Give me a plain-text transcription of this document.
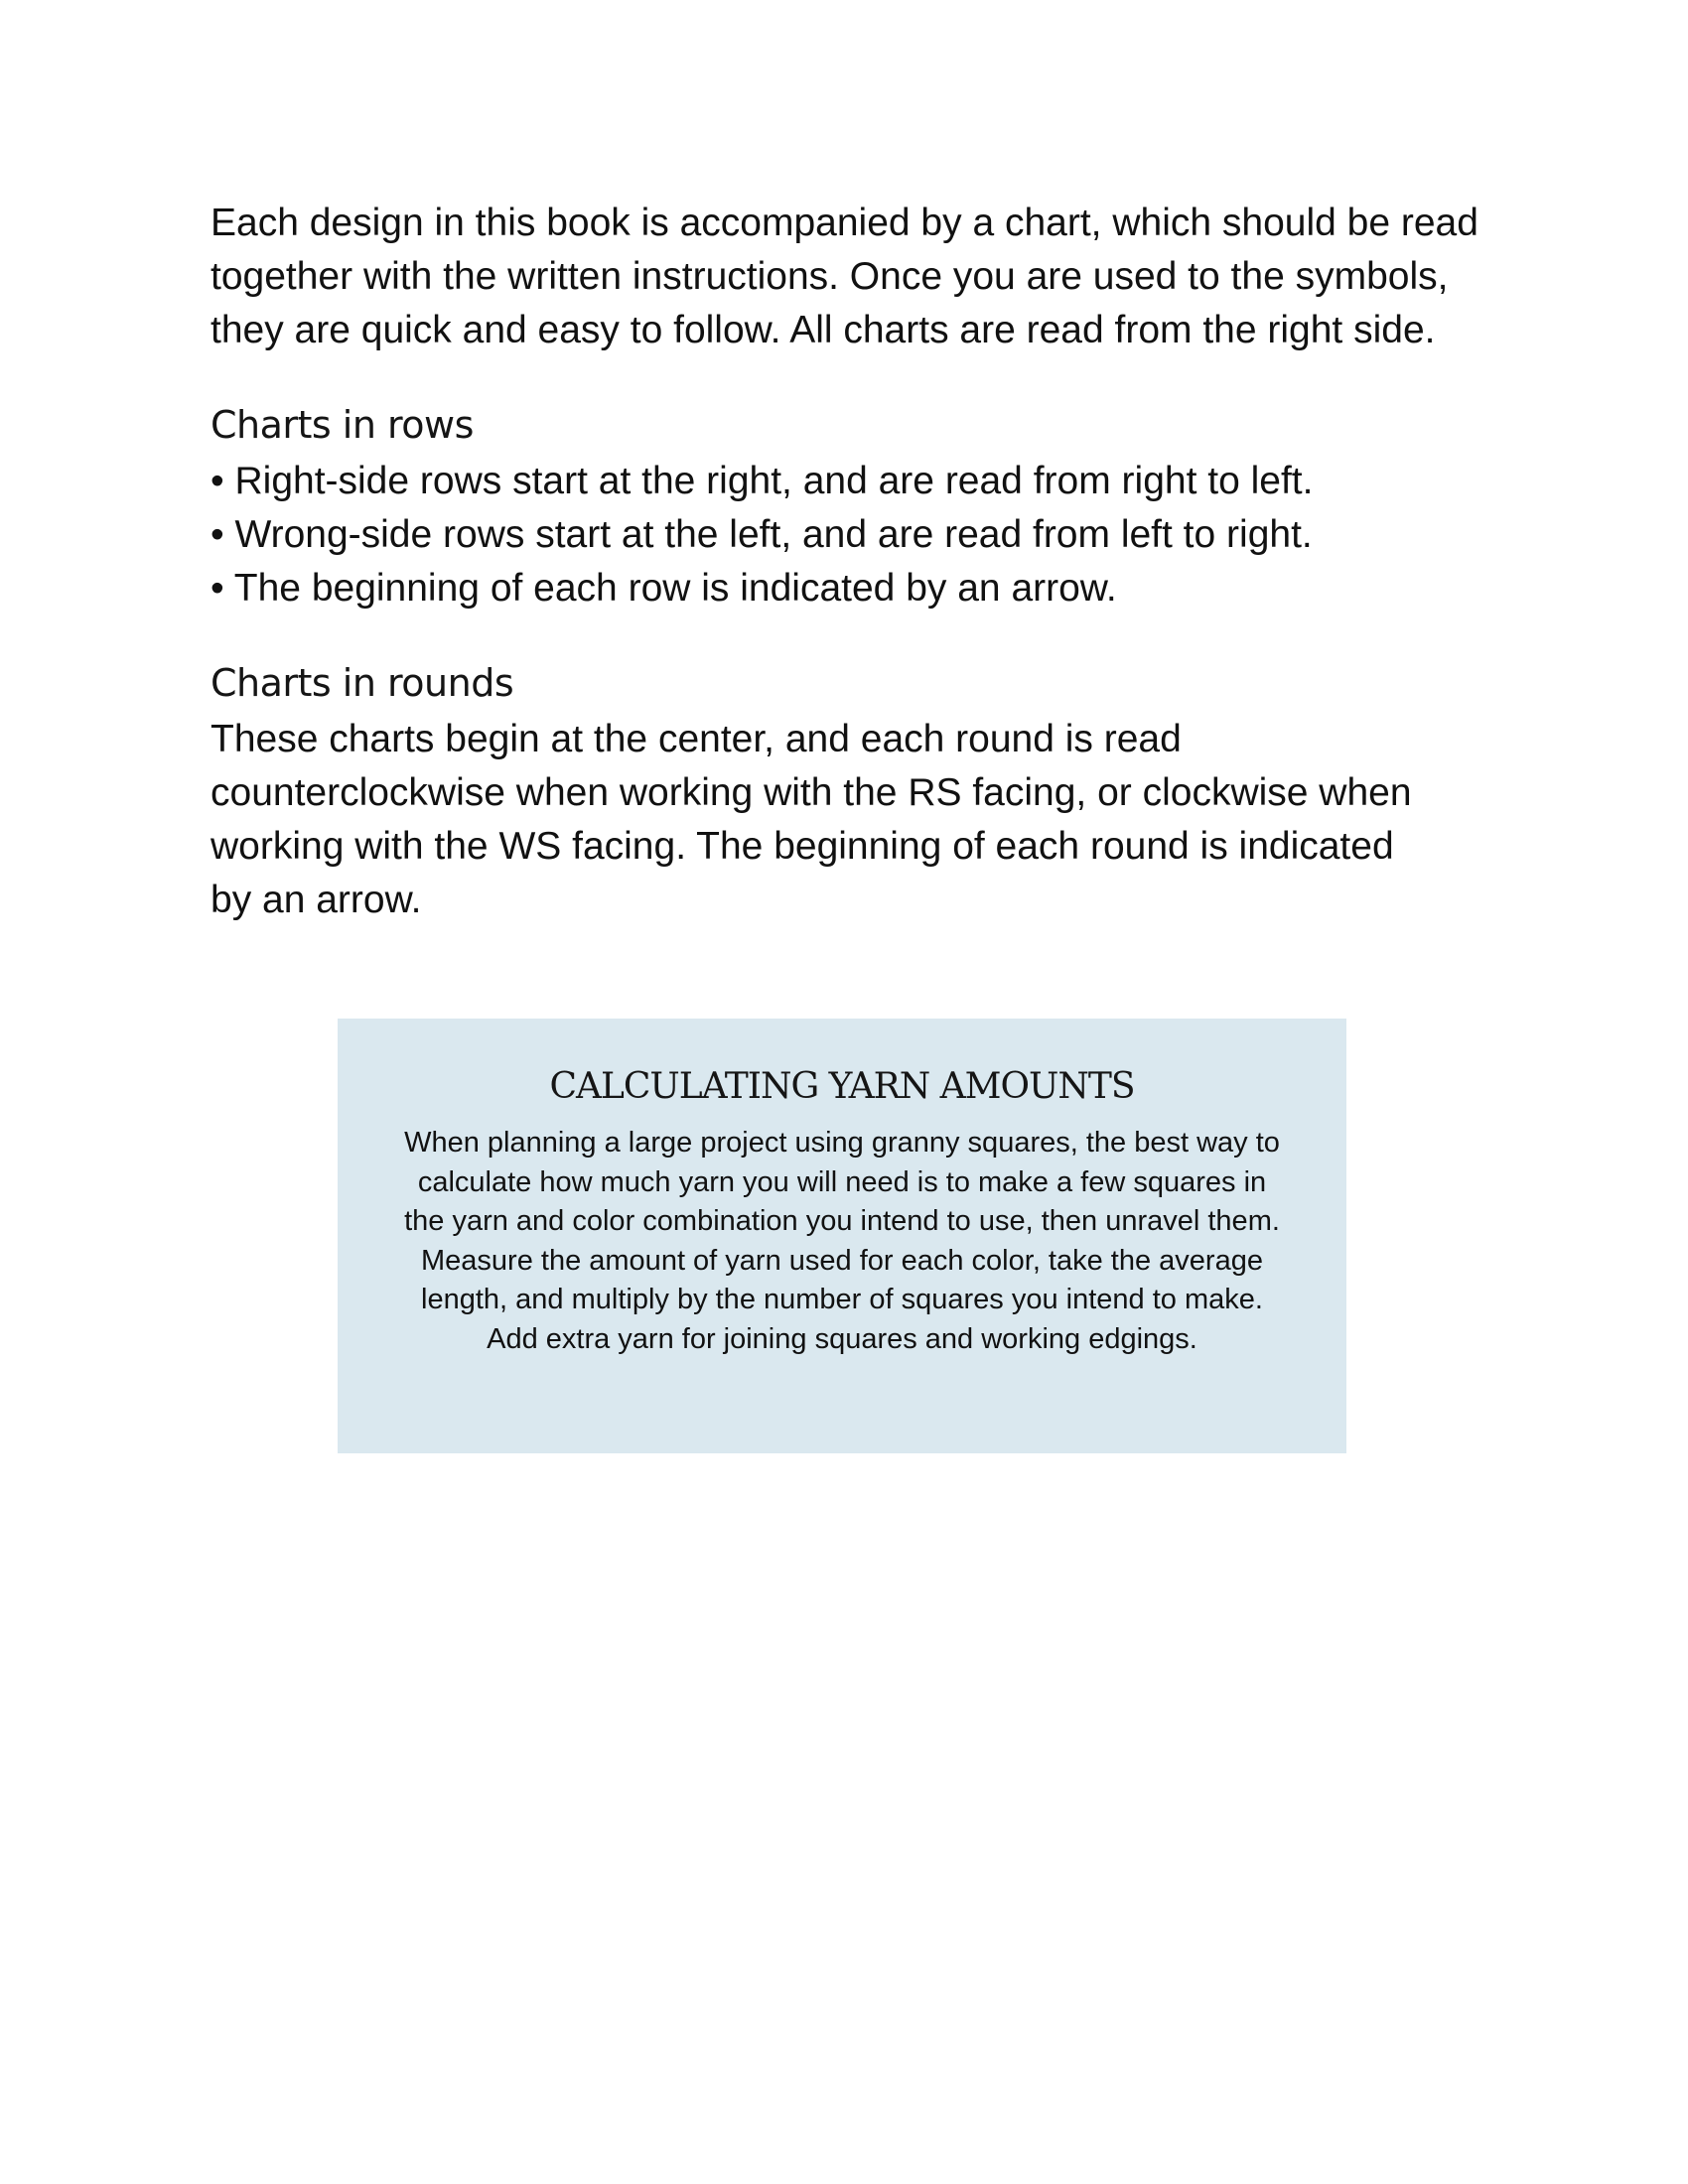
Each design in this book is accompanied by a chart, which should be read together with the written instructions. Once you are used to the symbols, they are quick and easy to follow. All charts are read from the right side.

Charts in rows
• Right-side rows start at the right, and are read from right to left.
• Wrong-side rows start at the left, and are read from left to right.
• The beginning of each row is indicated by an arrow.
Charts in rounds

These charts begin at the center, and each round is read counterclockwise when working with the RS facing, or clockwise when working with the WS facing. The beginning of each round is indicated by an arrow.

CALCULATING YARN AMOUNTS

When planning a large project using granny squares, the best way to calculate how much yarn you will need is to make a few squares in the yarn and color combination you intend to use, then unravel them. Measure the amount of yarn used for each color, take the average length, and multiply by the number of squares you intend to make. Add extra yarn for joining squares and working edgings.
